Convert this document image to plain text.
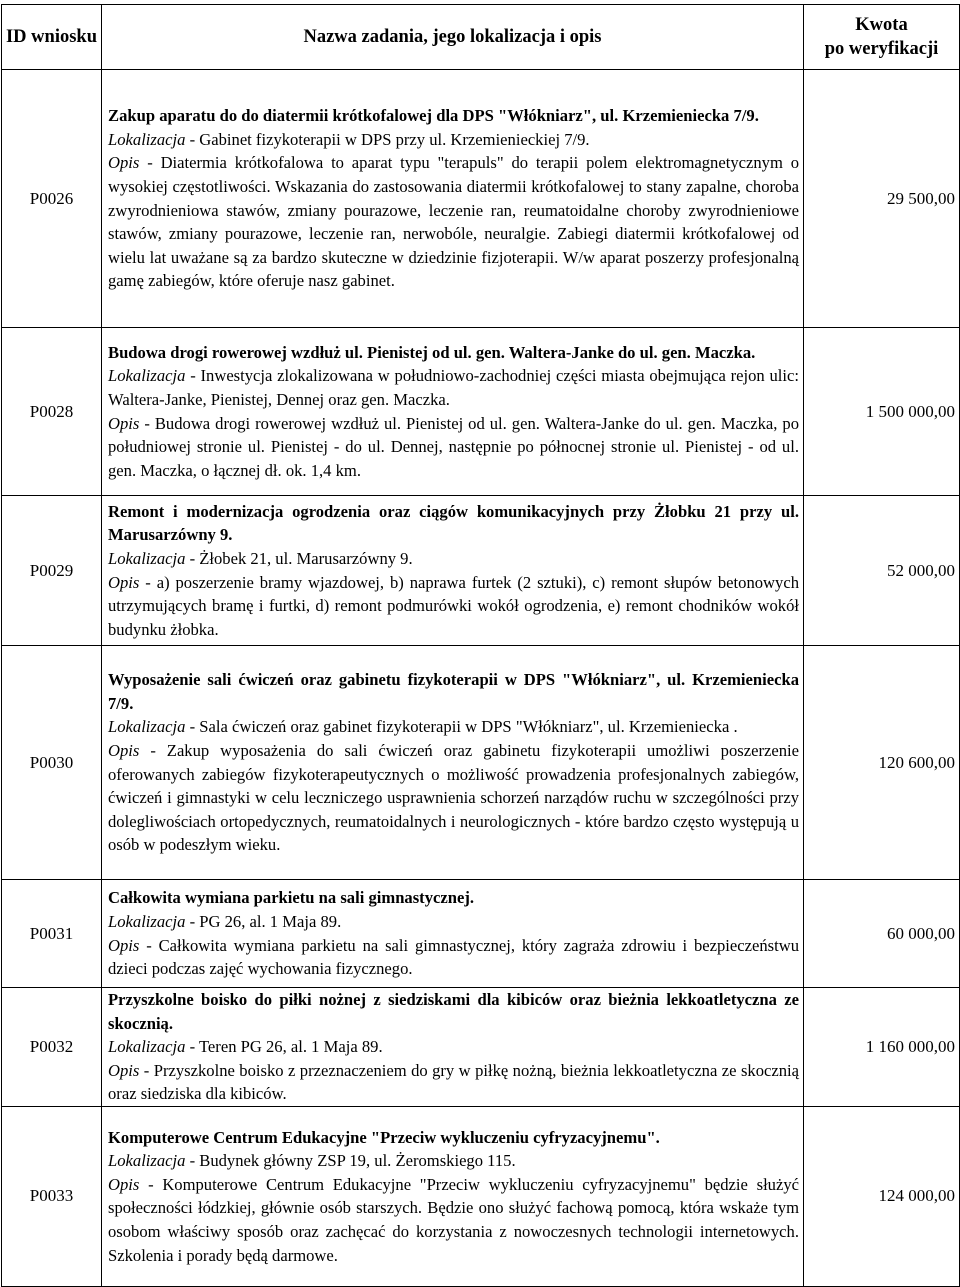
ID wniosku	Nazwa zadania, jego lokalizacja i opis	Kwota
po weryfikacji
P0026	Zakup aparatu do do diatermii krótkofalowej dla DPS "Włókniarz", ul. Krzemieniecka 7/9.

Lokalizacja - Gabinet fizykoterapii w DPS przy ul. Krzemienieckiej 7/9.

Opis - Diatermia krótkofalowa to aparat typu "terapuls" do terapii polem elektromagnetycznym o wysokiej częstotliwości. Wskazania do zastosowania diatermii krótkofalowej to stany zapalne, choroba zwyrodnieniowa stawów, zmiany pourazowe, leczenie ran, reumatoidalne choroby zwyrodnieniowe stawów, zmiany pourazowe, leczenie ran, nerwobóle, neuralgie. Zabiegi diatermii krótkofalowej od wielu lat uważane są za bardzo skuteczne w dziedzinie fizjoterapii. W/w aparat poszerzy profesjonalną gamę zabiegów, które oferuje nasz gabinet.	29 500,00
P0028	Budowa drogi rowerowej wzdłuż ul. Pienistej od ul. gen. Waltera-Janke do ul. gen. Maczka.

Lokalizacja - Inwestycja zlokalizowana w południowo-zachodniej części miasta obejmująca rejon ulic: Waltera-Janke, Pienistej, Dennej oraz gen. Maczka.

Opis - Budowa drogi rowerowej wzdłuż ul. Pienistej od ul. gen. Waltera-Janke do ul. gen. Maczka, po południowej stronie ul. Pienistej - do ul. Dennej, następnie po północnej stronie ul. Pienistej - od ul. gen. Maczka, o łącznej dł. ok. 1,4 km.	1 500 000,00
P0029	Remont i modernizacja ogrodzenia oraz ciągów komunikacyjnych przy Żłobku 21 przy ul. Marusarzówny 9.

Lokalizacja - Żłobek 21, ul. Marusarzówny 9.

Opis - a) poszerzenie bramy wjazdowej, b) naprawa furtek (2 sztuki), c) remont słupów betonowych utrzymujących bramę i furtki, d) remont podmurówki wokół ogrodzenia, e) remont chodników wokół budynku żłobka.	52 000,00
P0030	Wyposażenie sali ćwiczeń oraz gabinetu fizykoterapii w DPS "Włókniarz", ul. Krzemieniecka 7/9.

Lokalizacja - Sala ćwiczeń oraz gabinet fizykoterapii w DPS "Włókniarz", ul. Krzemieniecka .

Opis - Zakup wyposażenia do sali ćwiczeń oraz gabinetu fizykoterapii umożliwi poszerzenie oferowanych zabiegów fizykoterapeutycznych o możliwość prowadzenia profesjonalnych zabiegów, ćwiczeń i gimnastyki w celu leczniczego usprawnienia schorzeń narządów ruchu w szczególności przy dolegliwościach ortopedycznych, reumatoidalnych i neurologicznych - które bardzo często występują u osób w podeszłym wieku.	120 600,00
P0031	Całkowita wymiana parkietu na sali gimnastycznej.

Lokalizacja - PG 26, al. 1 Maja 89.

Opis - Całkowita wymiana parkietu na sali gimnastycznej, który zagraża zdrowiu i bezpieczeństwu dzieci podczas zajęć wychowania fizycznego.	60 000,00
P0032	Przyszkolne boisko do piłki nożnej z siedziskami dla kibiców oraz bieżnia lekkoatletyczna ze skocznią.

Lokalizacja - Teren PG 26, al. 1 Maja 89.

Opis - Przyszkolne boisko z przeznaczeniem do gry w piłkę nożną, bieżnia lekkoatletyczna ze skocznią oraz siedziska dla kibiców.	1 160 000,00
P0033	Komputerowe Centrum Edukacyjne "Przeciw wykluczeniu cyfryzacyjnemu".

Lokalizacja - Budynek główny ZSP 19, ul. Żeromskiego 115.

Opis - Komputerowe Centrum Edukacyjne "Przeciw wykluczeniu cyfryzacyjnemu" będzie służyć społeczności łódzkiej, głównie osób starszych. Będzie ono służyć fachową pomocą, która wskaże tym osobom właściwy sposób oraz zachęcać do korzystania z nowoczesnych technologii internetowych. Szkolenia i porady będą darmowe.	124 000,00
